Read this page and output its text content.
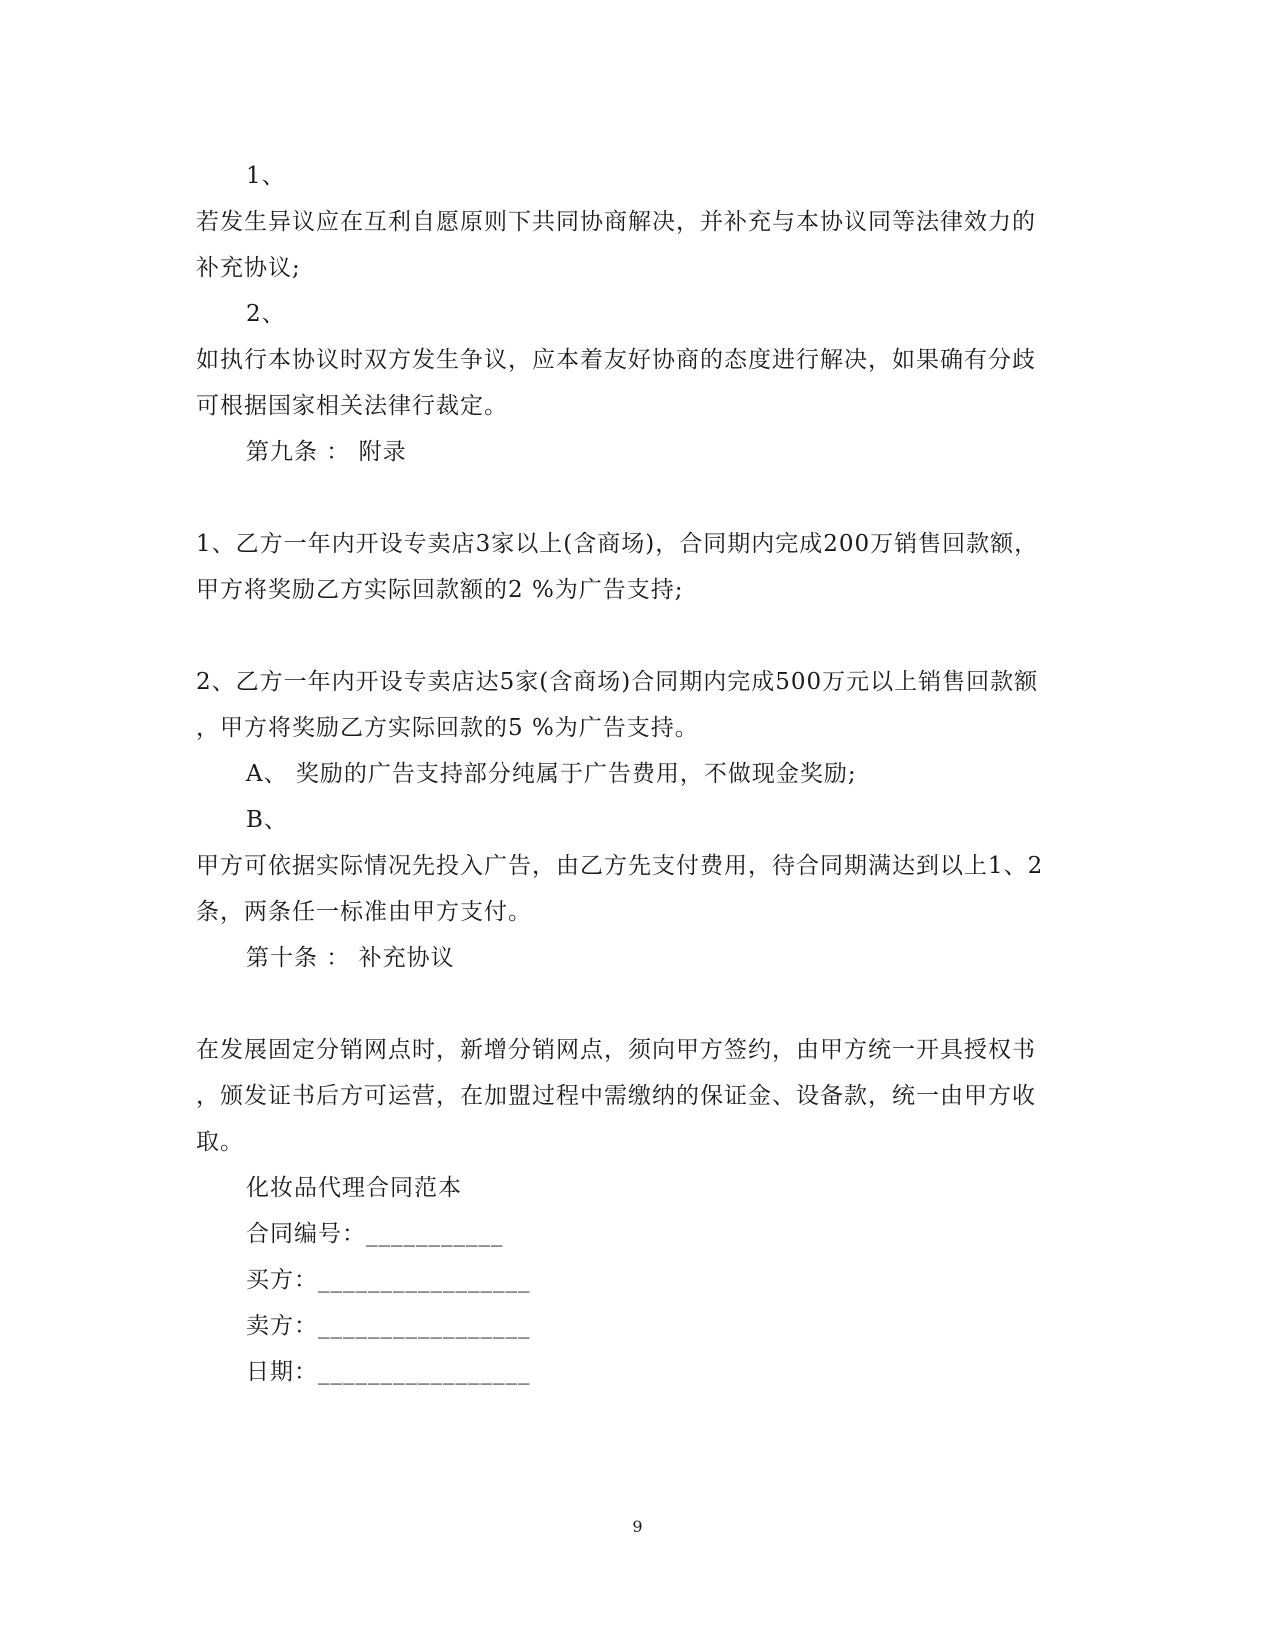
1、
若发生异议应在互利自愿原则下共同协商解决，并补充与本协议同等法律效力的
补充协议;
2、
如执行本协议时双方发生争议，应本着友好协商的态度进行解决，如果确有分歧
可根据国家相关法律行裁定。
第九条 ： 附录
1、乙方一年内开设专卖店3家以上(含商场)，合同期内完成200万销售回款额，
甲方将奖励乙方实际回款额的2 %为广告支持;
2、乙方一年内开设专卖店达5家(含商场)合同期内完成500万元以上销售回款额
，甲方将奖励乙方实际回款的5 %为广告支持。
A、 奖励的广告支持部分纯属于广告费用，不做现金奖励;
B、
甲方可依据实际情况先投入广告，由乙方先支付费用，待合同期满达到以上1、2
条，两条任一标准由甲方支付。
第十条 ： 补充协议
在发展固定分销网点时，新增分销网点，须向甲方签约，由甲方统一开具授权书
，颁发证书后方可运营，在加盟过程中需缴纳的保证金、设备款，统一由甲方收
取。
化妆品代理合同范本
合同编号：___________
买方：_________________
卖方：_________________
日期：_________________
9
